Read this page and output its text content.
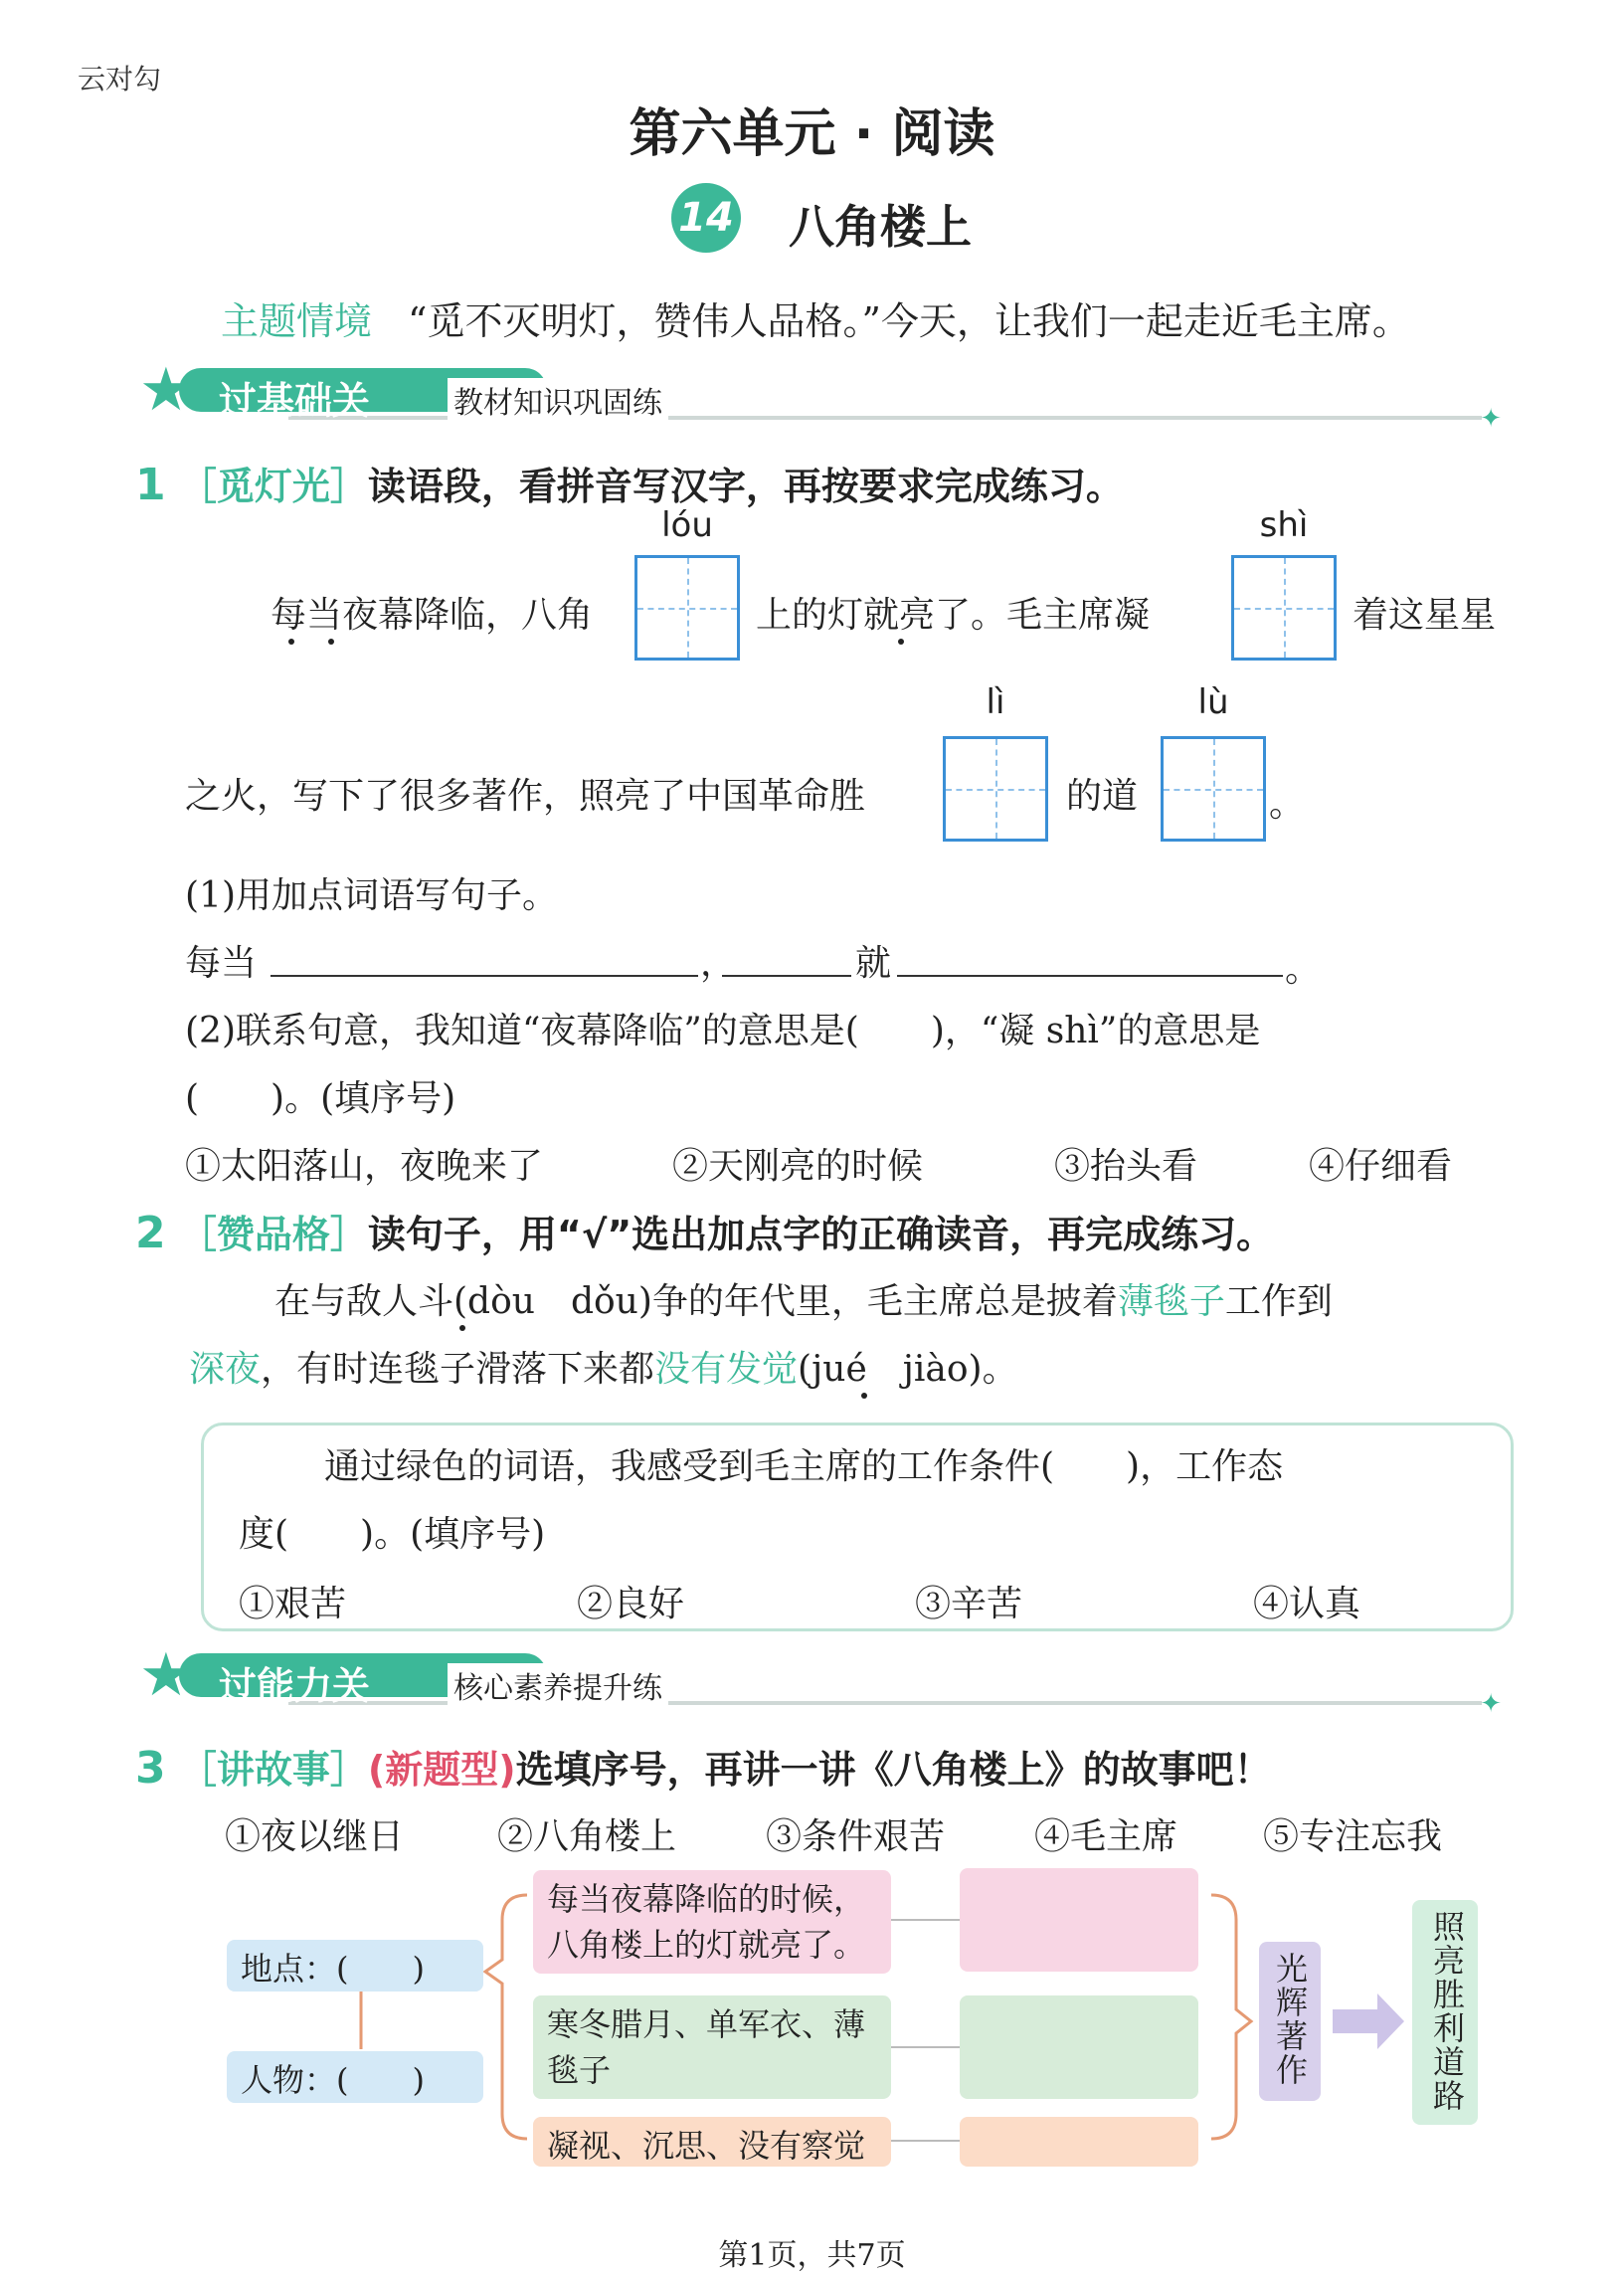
云对勾
第六单元 · 阅读
14 八角楼上
主题情境 “觅不灭明灯，赞伟人品格。”今天，让我们一起走近毛主席。
★ 过基础关	教材知识巩固练	✦
1 ［觅灯光］读语段，看拼音写汉字，再按要求完成练习。
lóu	shì
每当夜幕降临，八角	上的灯就亮了。毛主席凝	着这星星
lì	lù
之火，写下了很多著作，照亮了中国革命胜	的道	。
(1)用加点词语写句子。
每当	，	就	。
(2)联系句意，我知道“夜幕降临”的意思是(　　)，“凝 shì”的意思是
(　　)。(填序号)
①太阳落山，夜晚来了	②天刚亮的时候	③抬头看	④仔细看
2 ［赞品格］读句子，用“√”选出加点字的正确读音，再完成练习。
在与敌人斗(dòu　dǒu)争的年代里，毛主席总是披着薄毯子工作到
深夜，有时连毯子滑落下来都没有发觉(jué　jiào)。
通过绿色的词语，我感受到毛主席的工作条件(　　)，工作态
度(　　)。(填序号)
①艰苦	②良好	③辛苦	④认真
★ 过能力关	核心素养提升练	✦
3 ［讲故事］(新题型)选填序号，再讲一讲《八角楼上》的故事吧！
①夜以继日	②八角楼上 ③条件艰苦 ④毛主席 ⑤专注忘我
地点：(　　)
人物：(　　)
每当夜幕降临的时候，八角楼上的灯就亮了。
寒冬腊月、单军衣、薄毯子
凝视、沉思、没有察觉
光辉著作	照亮胜利道路
第1页，共7页
